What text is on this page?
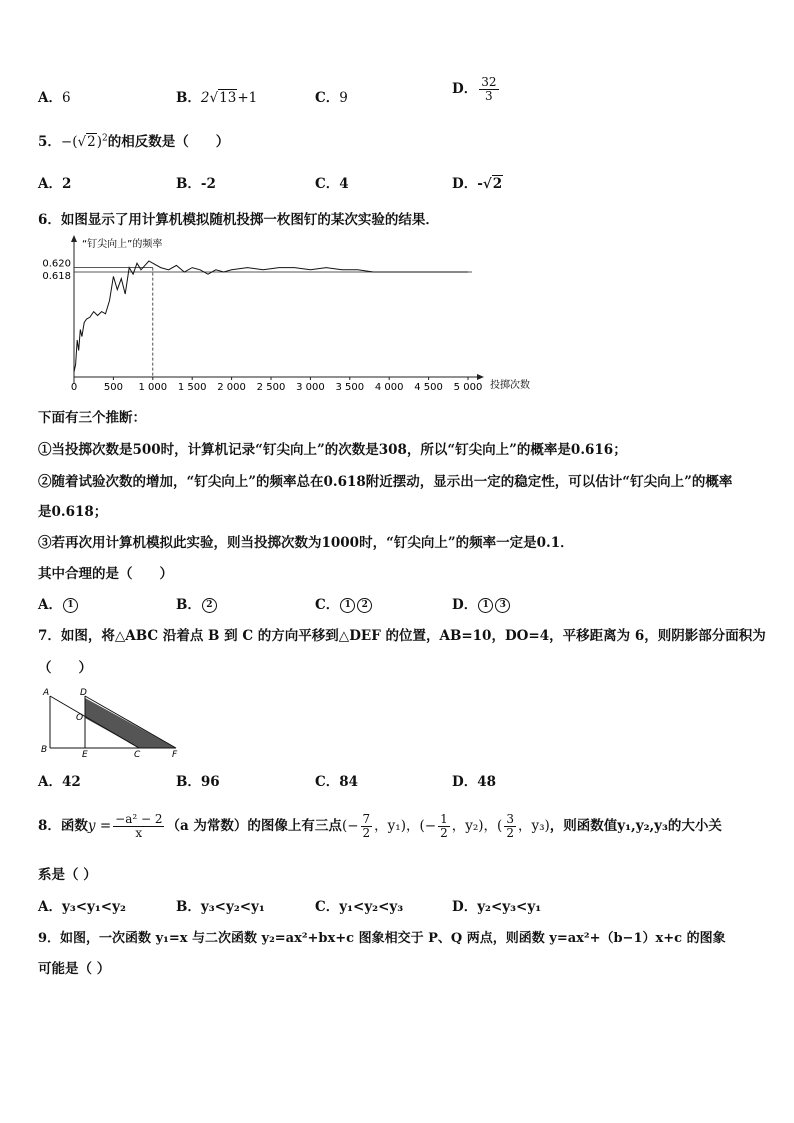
A．6	B．2√13+1	C．9
D． $\frac{32}{3}$
5．$-(√2)^2$的相反数是（　　）
A．2	B．-2	C．4	D．-√2
6．如图显示了用计算机模拟随机投掷一枚图钉的某次实验的结果．
“钉尖向上”的频率
投掷次数
0.620
0.618
0	500 1 000 1 500 2 000 2 500 3 000 3 500 4 000 4 500 5 000
下面有三个推断：
①当投掷次数是500时，计算机记录“钉尖向上”的次数是308，所以“钉尖向上”的概率是0.616；
②随着试验次数的增加，“钉尖向上”的频率总在0.618附近摆动，显示出一定的稳定性，可以估计“钉尖向上”的概率
是0.618；
③若再次用计算机模拟此实验，则当投掷次数为1000时，“钉尖向上”的频率一定是0.1．
其中合理的是（　　）
A． 1	B． 2	C． 1 2	D． 1 3
7．如图，将△ABC 沿着点 B 到 C 的方向平移到△DEF 的位置，AB=10，DO=4，平移距离为 6，则阴影部分面积为
（　　）
A	D
O
B	E	C	F
A．42	B．96	C．84	D．48
8．函数$y = \frac{\text{−a² − 2}}{x} (a$ 为常数）的图像上有三点(− $\frac{7}{2}$ ，y₁)，(− $\frac{1}{2}$ ，y₂)，( $\frac{3}{2}$ ，y₃)，则函数值y₁,y₂,y₃的大小关
系是（ ）
A．y₃<y₁<y₂	B．y₃<y₂<y₁	C．y₁<y₂<y₃	D．y₂<y₃<y₁
9．如图，一次函数 y₁=x 与二次函数 y₂=ax²+bx+c 图象相交于 P、Q 两点，则函数 y=ax²+（b−1）x+c 的图象
可能是（ ）
